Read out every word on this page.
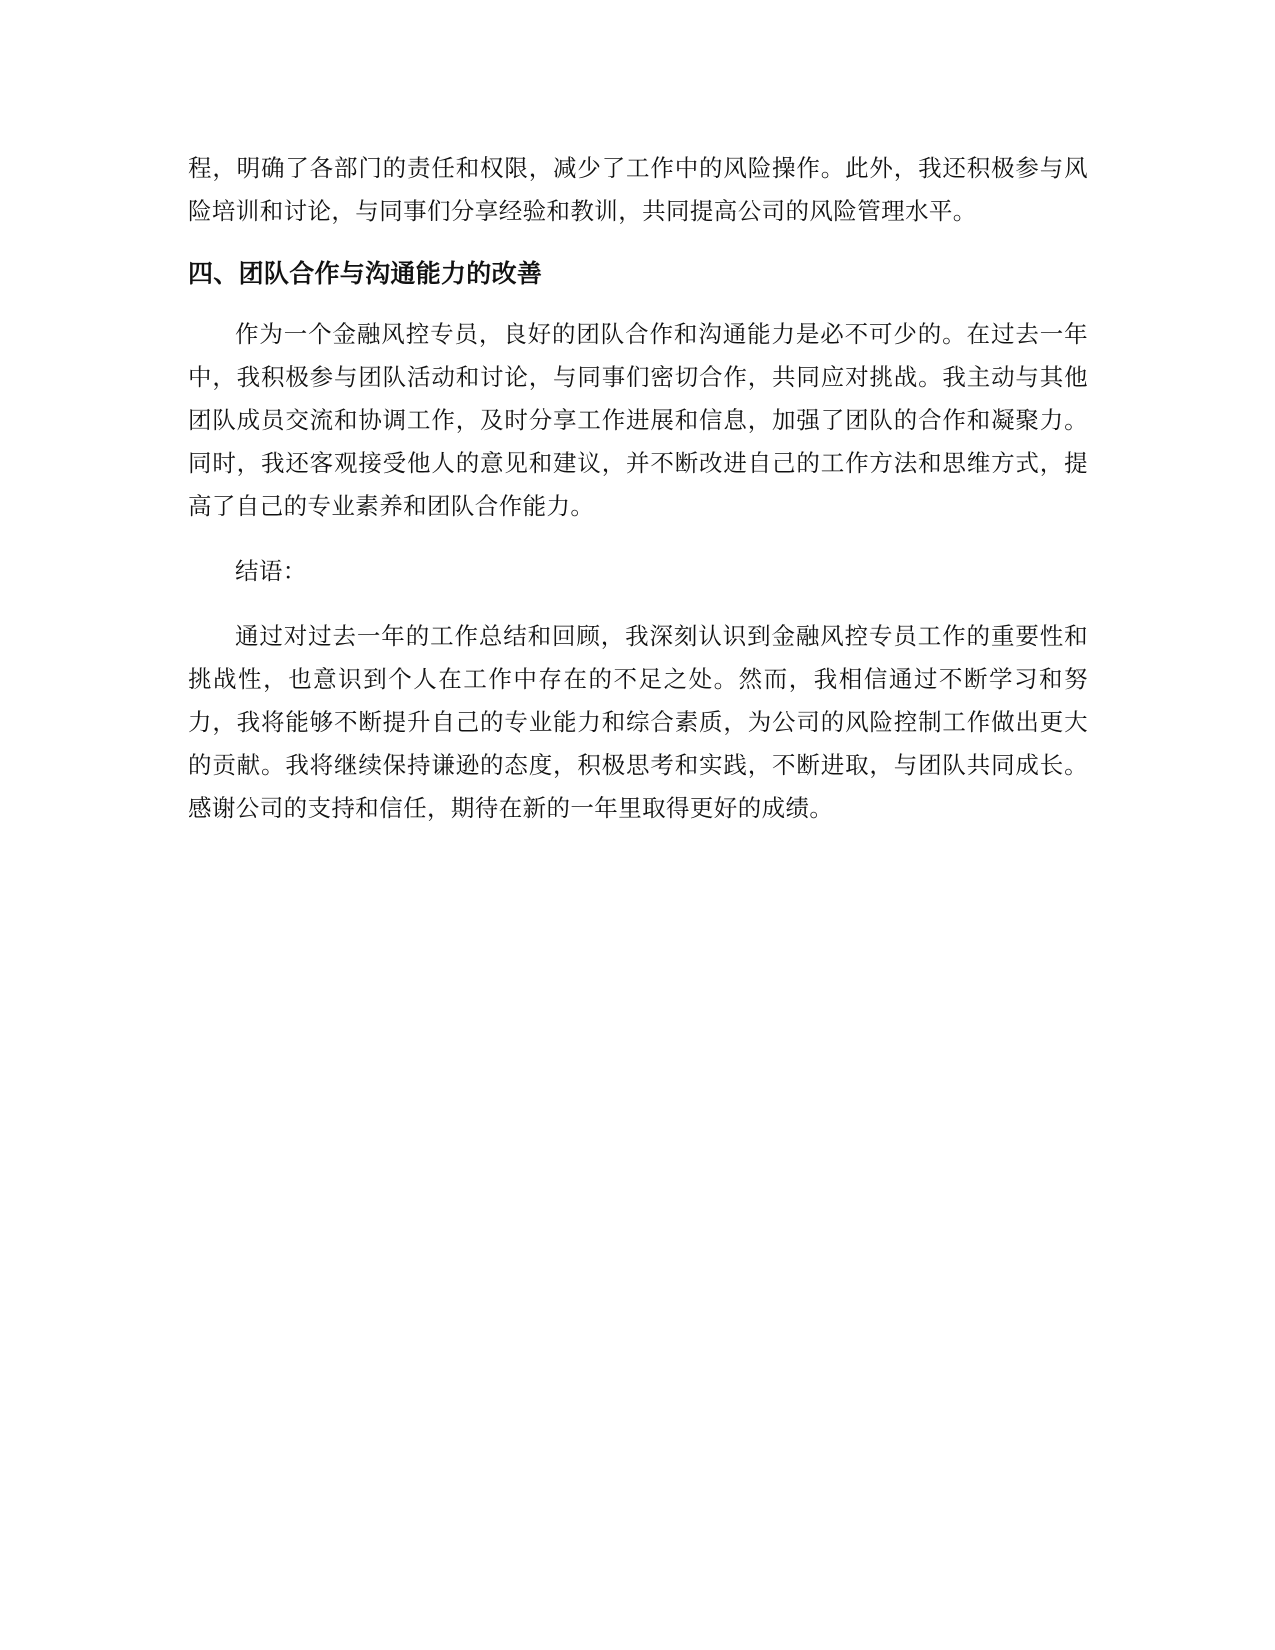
程，明确了各部门的责任和权限，减少了工作中的风险操作。此外，我还积极参与风险培训和讨论，与同事们分享经验和教训，共同提高公司的风险管理水平。

四、团队合作与沟通能力的改善

作为一个金融风控专员，良好的团队合作和沟通能力是必不可少的。在过去一年中，我积极参与团队活动和讨论，与同事们密切合作，共同应对挑战。我主动与其他团队成员交流和协调工作，及时分享工作进展和信息，加强了团队的合作和凝聚力。同时，我还客观接受他人的意见和建议，并不断改进自己的工作方法和思维方式，提高了自己的专业素养和团队合作能力。

结语：

通过对过去一年的工作总结和回顾，我深刻认识到金融风控专员工作的重要性和挑战性，也意识到个人在工作中存在的不足之处。然而，我相信通过不断学习和努力，我将能够不断提升自己的专业能力和综合素质，为公司的风险控制工作做出更大的贡献。我将继续保持谦逊的态度，积极思考和实践，不断进取，与团队共同成长。感谢公司的支持和信任，期待在新的一年里取得更好的成绩。
